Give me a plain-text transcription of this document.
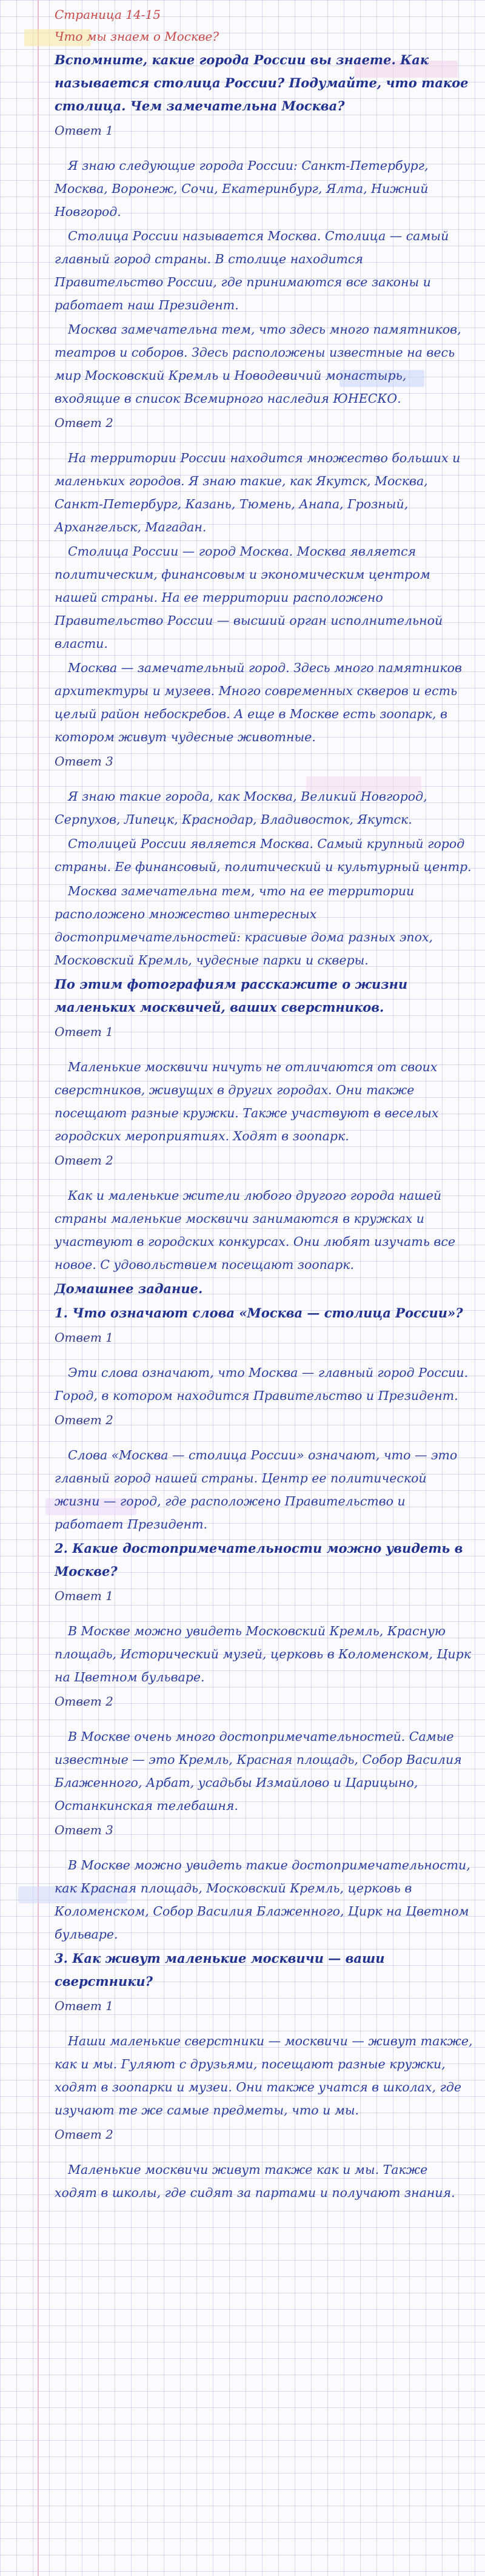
Страница 14-15

Что мы знаем о Москве?

Вспомните, какие города России вы знаете. Как называется столица России? Подумайте, что такое столица. Чем замечательна Москва?

Ответ 1

Я знаю следующие города России: Санкт-Петербург, Москва, Воронеж, Сочи, Екатеринбург, Ялта, Нижний Новгород.

Столица России называется Москва. Столица — самый главный город страны. В столице находится Правительство России, где принимаются все законы и работает наш Президент.

Москва замечательна тем, что здесь много памятников, театров и соборов. Здесь расположены известные на весь мир Московский Кремль и Новодевичий монастырь, входящие в список Всемирного наследия ЮНЕСКО.

Ответ 2

На территории России находится множество больших и маленьких городов. Я знаю такие, как Якутск, Москва, Санкт-Петербург, Казань, Тюмень, Анапа, Грозный, Архангельск, Магадан.

Столица России — город Москва. Москва является политическим, финансовым и экономическим центром нашей страны. На ее территории расположено Правительство России — высший орган исполнительной власти.

Москва — замечательный город. Здесь много памятников архитектуры и музеев. Много современных скверов и есть целый район небоскребов. А еще в Москве есть зоопарк, в котором живут чудесные животные.

Ответ 3

Я знаю такие города, как Москва, Великий Новгород, Серпухов, Липецк, Краснодар, Владивосток, Якутск.

Столицей России является Москва. Самый крупный город страны. Ее финансовый, политический и культурный центр.

Москва замечательна тем, что на ее территории расположено множество интересных достопримечательностей: красивые дома разных эпох, Московский Кремль, чудесные парки и скверы.

По этим фотографиям расскажите о жизни маленьких москвичей, ваших сверстников.

Ответ 1

Маленькие москвичи ничуть не отличаются от своих сверстников, живущих в других городах. Они также посещают разные кружки. Также участвуют в веселых городских мероприятиях. Ходят в зоопарк.

Ответ 2

Как и маленькие жители любого другого города нашей страны маленькие москвичи занимаются в кружках и участвуют в городских конкурсах. Они любят изучать все новое. С удовольствием посещают зоопарк.

Домашнее задание.

1. Что означают слова «Москва — столица России»?

Ответ 1

Эти слова означают, что Москва — главный город России. Город, в котором находится Правительство и Президент.

Ответ 2

Слова «Москва — столица России» означают, что — это главный город нашей страны. Центр ее политической жизни — город, где расположено Правительство и работает Президент.

2. Какие достопримечательности можно увидеть в Москве?

Ответ 1

В Москве можно увидеть Московский Кремль, Красную площадь, Исторический музей, церковь в Коломенском, Цирк на Цветном бульваре.

Ответ 2

В Москве очень много достопримечательностей. Самые известные — это Кремль, Красная площадь, Собор Василия Блаженного, Арбат, усадьбы Измайлово и Царицыно, Останкинская телебашня.

Ответ 3

В Москве можно увидеть такие достопримечательности, как Красная площадь, Московский Кремль, церковь в Коломенском, Собор Василия Блаженного, Цирк на Цветном бульваре.

3. Как живут маленькие москвичи — ваши сверстники?

Ответ 1

Наши маленькие сверстники — москвичи — живут также, как и мы. Гуляют с друзьями, посещают разные кружки, ходят в зоопарки и музеи. Они также учатся в школах, где изучают те же самые предметы, что и мы.

Ответ 2

Маленькие москвичи живут также как и мы. Также ходят в школы, где сидят за партами и получают знания.
